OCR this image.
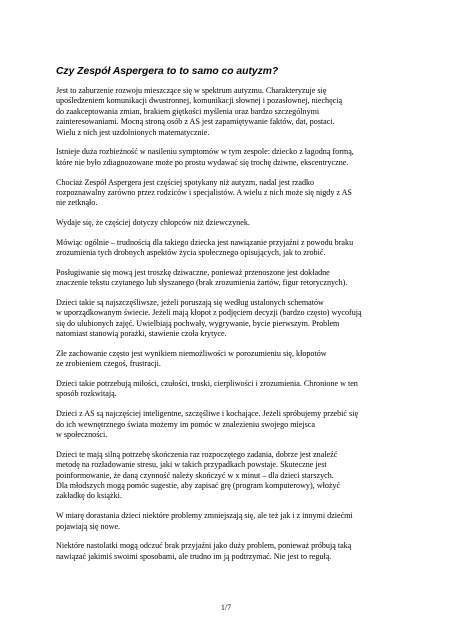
Czy Zespół Aspergera to to samo co autyzm?
Jest to zaburzenie rozwoju mieszczące się w spektrum autyzmu. Charakteryzuje się
upośledzeniem komunikacji dwustronnej, komunikacji słownej i pozasłownej, niechęcią
do zaakceptowania zmian, brakiem giętkości myślenia oraz bardzo szczególnymi
zainteresowaniami. Mocną stroną osób z AS jest zapamiętywanie faktów, dat, postaci.
Wielu z nich jest uzdolnionych matematycznie.
Istnieje duża rozbieżność w nasileniu symptomów w tym zespole: dziecko z łagodną formą,
które nie było zdiagnozowane może po prostu wydawać się trochę dziwne, ekscentryczne.
Chociaż Zespół Aspergera jest częściej spotykany niż autyzm, nadal jest rzadko
rozpoznawalny zarówno przez rodziców i specjalistów. A wielu z nich może się nigdy z AS
nie zetknąło.
Wydaje się, że częściej dotyczy chłopców niż dziewczynek.
Mówiąc ogólnie – trudnością dla takiego dziecka jest nawiązanie przyjaźni z powodu braku
zrozumienia tych drobnych aspektów życia społecznego opisujących, jak to zrobić.
Posługiwanie się mową jest troszkę dziwaczne, ponieważ przenoszone jest dokładne
znaczenie tekstu czytanego lub słyszanego (brak zrozumienia żartów, figur retorycznych).
Dzieci takie są najszczęśliwsze, jeżeli poruszają się według ustalonych schematów
w uporządkowanym świecie. Jeżeli mają kłopot z podjęciem decyzji (bardzo często) wycofują
się do ulubionych zajęć. Uwielbiają pochwały, wygrywanie, bycie pierwszym. Problem
natomiast stanowią porażki, stawienie czoła krytyce.
Złe zachowanie często jest wynikiem niemożliwości w porozumieniu się, kłopotów
ze zrobieniem czegoś, frustracji.
Dzieci takie potrzebują miłości, czułości, troski, cierpliwości i zrozumienia. Chronione w ten
sposób rozkwitają.
Dzieci z AS są najczęściej inteligentne, szczęśliwe i kochające. Jeżeli spróbujemy przebić się
do ich wewnętrznego świata możemy im pomóc w znalezieniu swojego miejsca
w społeczności.
Dzieci te mają silną potrzebę skończenia raz rozpoczętego zadania, dobrze jest znaleźć
metodę na rozładowanie stresu, jaki w takich przypadkach powstaje. Skuteczne jest
poinformowanie, że daną czynność należy skończyć w x minut – dla dzieci starszych.
Dla młodszych mogą pomóc sugestie, aby zapisać grę (program komputerowy), włożyć
zakładkę do książki.
W miarę dorastania dzieci niektóre problemy zmniejszają się, ale też jak i z innymi dziećmi
pojawiają się nowe.
Niektóre nastolatki mogą odczuć brak przyjaźni jako duży problem, ponieważ próbują taką
nawiązać jakimiś swoimi sposobami, ale trudno im ją podtrzymać. Nie jest to regułą.
1/7
